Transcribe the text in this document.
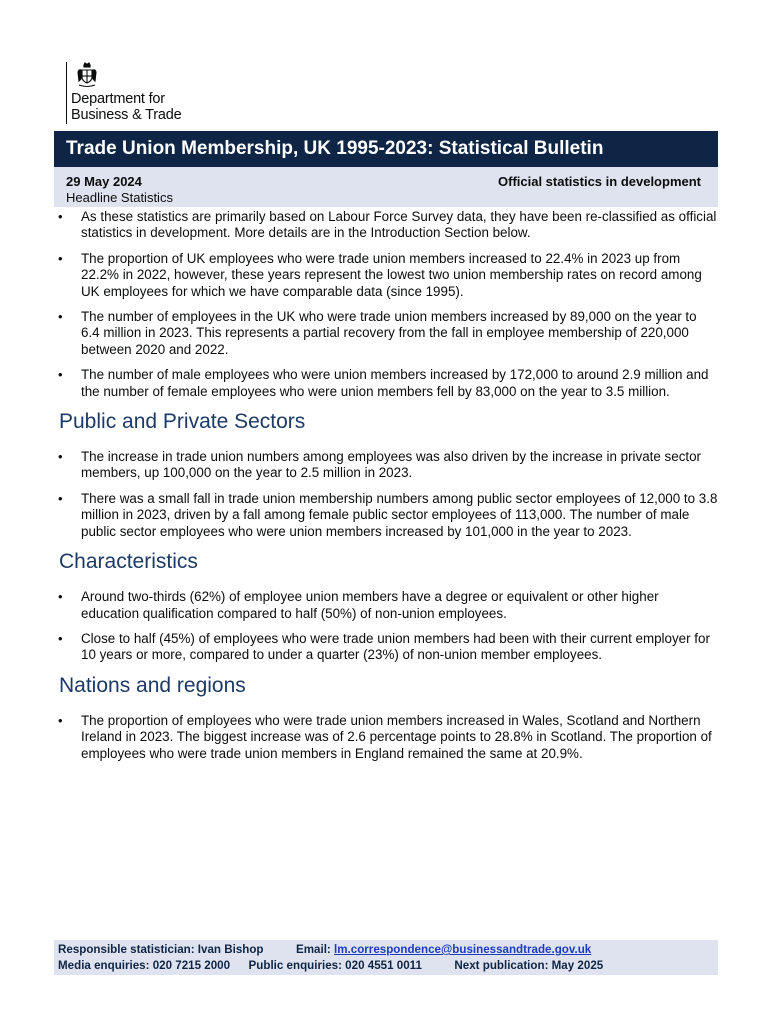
Department for
Business & Trade
Trade Union Membership, UK 1995-2023: Statistical Bulletin
29 May 2024	Official statistics in development
Headline Statistics
• As these statistics are primarily based on Labour Force Survey data, they have been re-classified as official statistics in development. More details are in the Introduction Section below.
• The proportion of UK employees who were trade union members increased to 22.4% in 2023 up from 22.2% in 2022, however, these years represent the lowest two union membership rates on record among UK employees for which we have comparable data (since 1995).
• The number of employees in the UK who were trade union members increased by 89,000 on the year to 6.4 million in 2023. This represents a partial recovery from the fall in employee membership of 220,000 between 2020 and 2022.
• The number of male employees who were union members increased by 172,000 to around 2.9 million and the number of female employees who were union members fell by 83,000 on the year to 3.5 million.
Public and Private Sectors
• The increase in trade union numbers among employees was also driven by the increase in private sector members, up 100,000 on the year to 2.5 million in 2023.
• There was a small fall in trade union membership numbers among public sector employees of 12,000 to 3.8 million in 2023, driven by a fall among female public sector employees of 113,000. The number of male public sector employees who were union members increased by 101,000 in the year to 2023.
Characteristics
• Around two-thirds (62%) of employee union members have a degree or equivalent or other higher education qualification compared to half (50%) of non-union employees.
• Close to half (45%) of employees who were trade union members had been with their current employer for 10 years or more, compared to under a quarter (23%) of non-union member employees.
Nations and regions
• The proportion of employees who were trade union members increased in Wales, Scotland and Northern Ireland in 2023. The biggest increase was of 2.6 percentage points to 28.8% in Scotland. The proportion of employees who were trade union members in England remained the same at 20.9%.
Responsible statistician: Ivan Bishop	Email: lm.correspondence@businessandtrade.gov.uk
Media enquiries: 020 7215 2000 Public enquiries: 020 4551 0011	Next publication: May 2025
